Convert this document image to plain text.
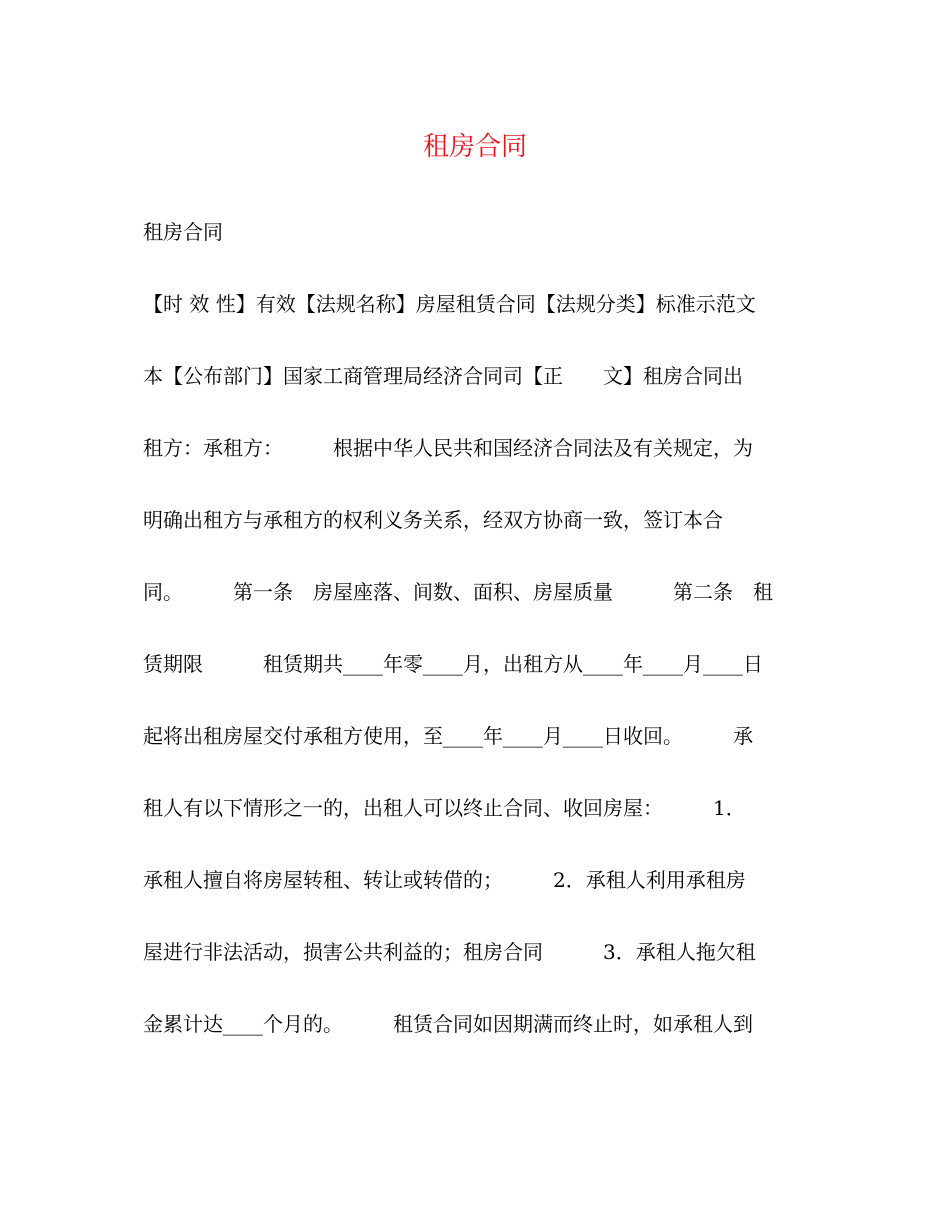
租房合同
租房合同
【时 效 性】有效【法规名称】房屋租赁合同【法规分类】标准示范文
本【公布部门】国家工商管理局经济合同司【正　　文】租房合同出
租方：承租方：　　　根据中华人民共和国经济合同法及有关规定，为
明确出租方与承租方的权利义务关系，经双方协商一致，签订本合
同。　　　第一条　房屋座落、间数、面积、房屋质量　　　第二条　租
赁期限　　　租赁期共____年零____月，出租方从____年____月____日
起将出租房屋交付承租方使用，至____年____月____日收回。　　　承
租人有以下情形之一的，出租人可以终止合同、收回房屋：　　　1．
承租人擅自将房屋转租、转让或转借的；　　　2．承租人利用承租房
屋进行非法活动，损害公共利益的；租房合同　　　3．承租人拖欠租
金累计达____个月的。　　　租赁合同如因期满而终止时，如承租人到
